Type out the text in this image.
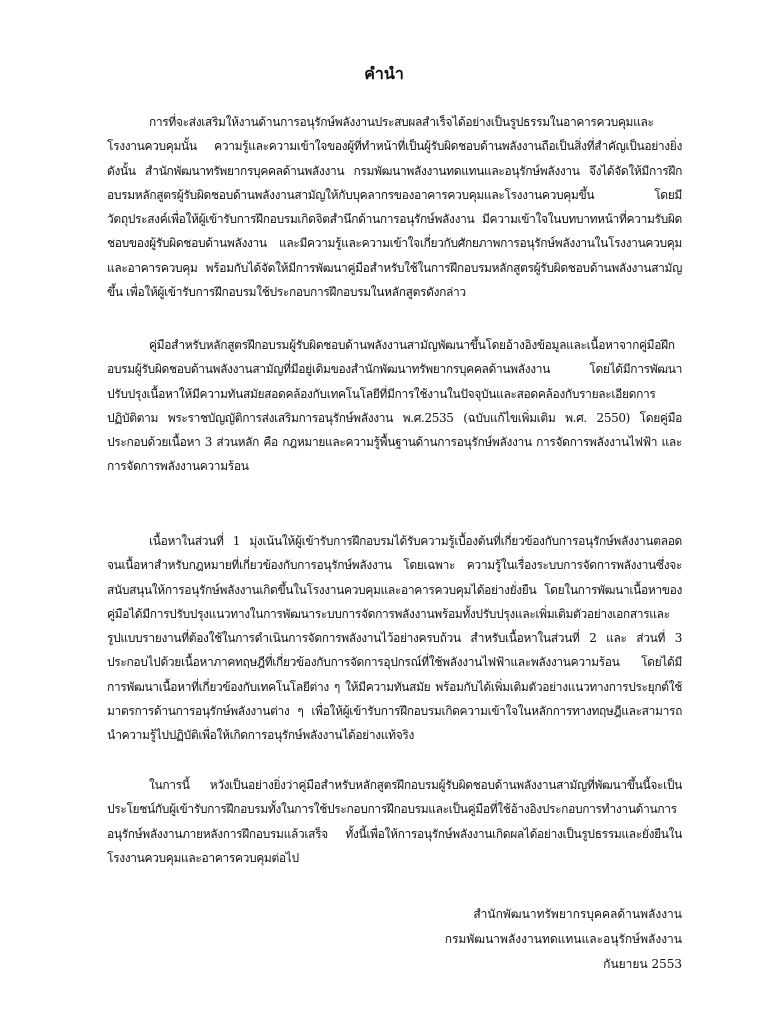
คำนำ

การที่จะส่งเสริมให้งานด้านการอนุรักษ์พลังงานประสบผลสำเร็จได้อย่างเป็นรูปธรรมในอาคารควบคุมและโรงงานควบคุมนั้น ความรู้และความเข้าใจของผู้ที่ทำหน้าที่เป็นผู้รับผิดชอบด้านพลังงานถือเป็นสิ่งที่สำคัญเป็นอย่างยิ่ง ดังนั้น สำนักพัฒนาทรัพยากรบุคคลด้านพลังงาน กรมพัฒนาพลังงานทดแทนและอนุรักษ์พลังงาน จึงได้จัดให้มีการฝึกอบรมหลักสูตรผู้รับผิดชอบด้านพลังงานสามัญให้กับบุคลากรของอาคารควบคุมและโรงงานควบคุมขึ้น โดยมีวัตถุประสงค์เพื่อให้ผู้เข้ารับการฝึกอบรมเกิดจิตสำนึกด้านการอนุรักษ์พลังงาน มีความเข้าใจในบทบาทหน้าที่ความรับผิดชอบของผู้รับผิดชอบด้านพลังงาน และมีความรู้และความเข้าใจเกี่ยวกับศักยภาพการอนุรักษ์พลังงานในโรงงานควบคุมและอาคารควบคุม พร้อมกับได้จัดให้มีการพัฒนาคู่มือสำหรับใช้ในการฝึกอบรมหลักสูตรผู้รับผิดชอบด้านพลังงานสามัญขึ้น เพื่อให้ผู้เข้ารับการฝึกอบรมใช้ประกอบการฝึกอบรมในหลักสูตรดังกล่าว

คู่มือสำหรับหลักสูตรฝึกอบรมผู้รับผิดชอบด้านพลังงานสามัญพัฒนาขึ้นโดยอ้างอิงข้อมูลและเนื้อหาจากคู่มือฝึกอบรมผู้รับผิดชอบด้านพลังงานสามัญที่มีอยู่เดิมของสำนักพัฒนาทรัพยากรบุคคลด้านพลังงาน โดยได้มีการพัฒนาปรับปรุงเนื้อหาให้มีความทันสมัยสอดคล้องกับเทคโนโลยีที่มีการใช้งานในปัจจุบันและสอดคล้องกับรายละเอียดการปฏิบัติตาม พระราชบัญญัติการส่งเสริมการอนุรักษ์พลังงาน พ.ศ.2535 (ฉบับแก้ไขเพิ่มเติม พ.ศ. 2550) โดยคู่มือประกอบด้วยเนื้อหา 3 ส่วนหลัก คือ กฎหมายและความรู้พื้นฐานด้านการอนุรักษ์พลังงาน การจัดการพลังงานไฟฟ้า และ การจัดการพลังงานความร้อน

เนื้อหาในส่วนที่ 1 มุ่งเน้นให้ผู้เข้ารับการฝึกอบรมได้รับความรู้เบื้องต้นที่เกี่ยวข้องกับการอนุรักษ์พลังงานตลอดจนเนื้อหาสำหรับกฎหมายที่เกี่ยวข้องกับการอนุรักษ์พลังงาน โดยเฉพาะ ความรู้ในเรื่องระบบการจัดการพลังงานซึ่งจะสนับสนุนให้การอนุรักษ์พลังงานเกิดขึ้นในโรงงานควบคุมและอาคารควบคุมได้อย่างยั่งยืน โดยในการพัฒนาเนื้อหาของคู่มือได้มีการปรับปรุงแนวทางในการพัฒนาระบบการจัดการพลังงานพร้อมทั้งปรับปรุงและเพิ่มเติมตัวอย่างเอกสารและรูปแบบรายงานที่ต้องใช้ในการดำเนินการจัดการพลังงานไว้อย่างครบถ้วน สำหรับเนื้อหาในส่วนที่ 2 และ ส่วนที่ 3 ประกอบไปด้วยเนื้อหาภาคทฤษฎีที่เกี่ยวข้องกับการจัดการอุปกรณ์ที่ใช้พลังงานไฟฟ้าและพลังงานความร้อน โดยได้มีการพัฒนาเนื้อหาที่เกี่ยวข้องกับเทคโนโลยีต่าง ๆ ให้มีความทันสมัย พร้อมกับได้เพิ่มเติมตัวอย่างแนวทางการประยุกต์ใช้มาตรการด้านการอนุรักษ์พลังงานต่าง ๆ เพื่อให้ผู้เข้ารับการฝึกอบรมเกิดความเข้าใจในหลักการทางทฤษฎีและสามารถนำความรู้ไปปฏิบัติเพื่อให้เกิดการอนุรักษ์พลังงานได้อย่างแท้จริง

ในการนี้ หวังเป็นอย่างยิ่งว่าคู่มือสำหรับหลักสูตรฝึกอบรมผู้รับผิดชอบด้านพลังงานสามัญที่พัฒนาขึ้นนี้จะเป็นประโยชน์กับผู้เข้ารับการฝึกอบรมทั้งในการใช้ประกอบการฝึกอบรมและเป็นคู่มือที่ใช้อ้างอิงประกอบการทำงานด้านการอนุรักษ์พลังงานภายหลังการฝึกอบรมแล้วเสร็จ ทั้งนี้เพื่อให้การอนุรักษ์พลังงานเกิดผลได้อย่างเป็นรูปธรรมและยั่งยืนในโรงงานควบคุมและอาคารควบคุมต่อไป

สำนักพัฒนาทรัพยากรบุคคลด้านพลังงาน
กรมพัฒนาพลังงานทดแทนและอนุรักษ์พลังงาน
กันยายน 2553
